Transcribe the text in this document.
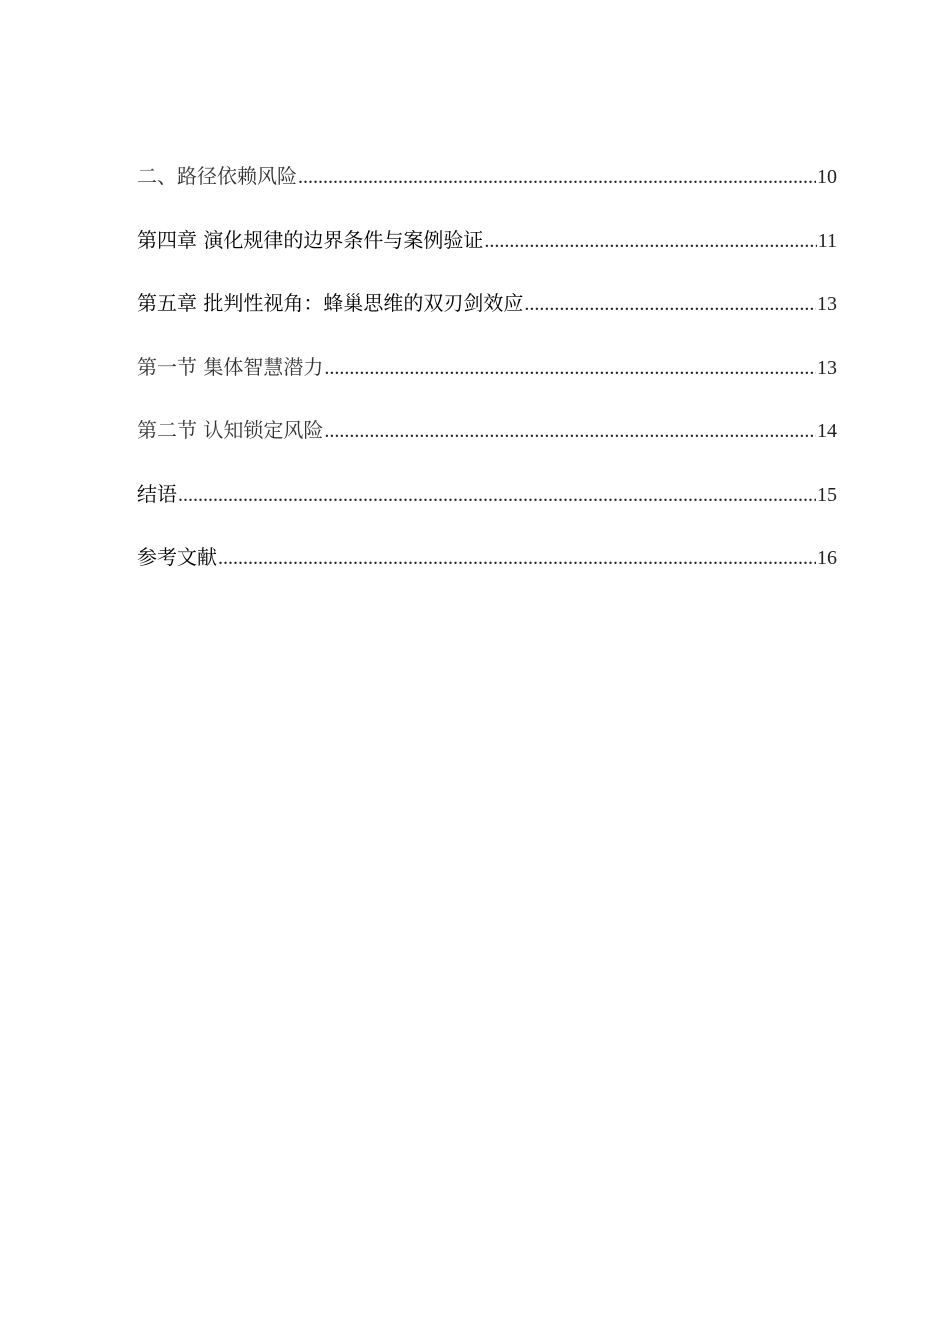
二、路径依赖风险 .....	10
第四章 演化规律的边界条件与案例验证 .....	11
第五章 批判性视角：蜂巢思维的双刃剑效应 .....	13
第一节 集体智慧潜力 .....	13
第二节 认知锁定风险 .....	14
结语 .....	15
参考文献 .....	16
